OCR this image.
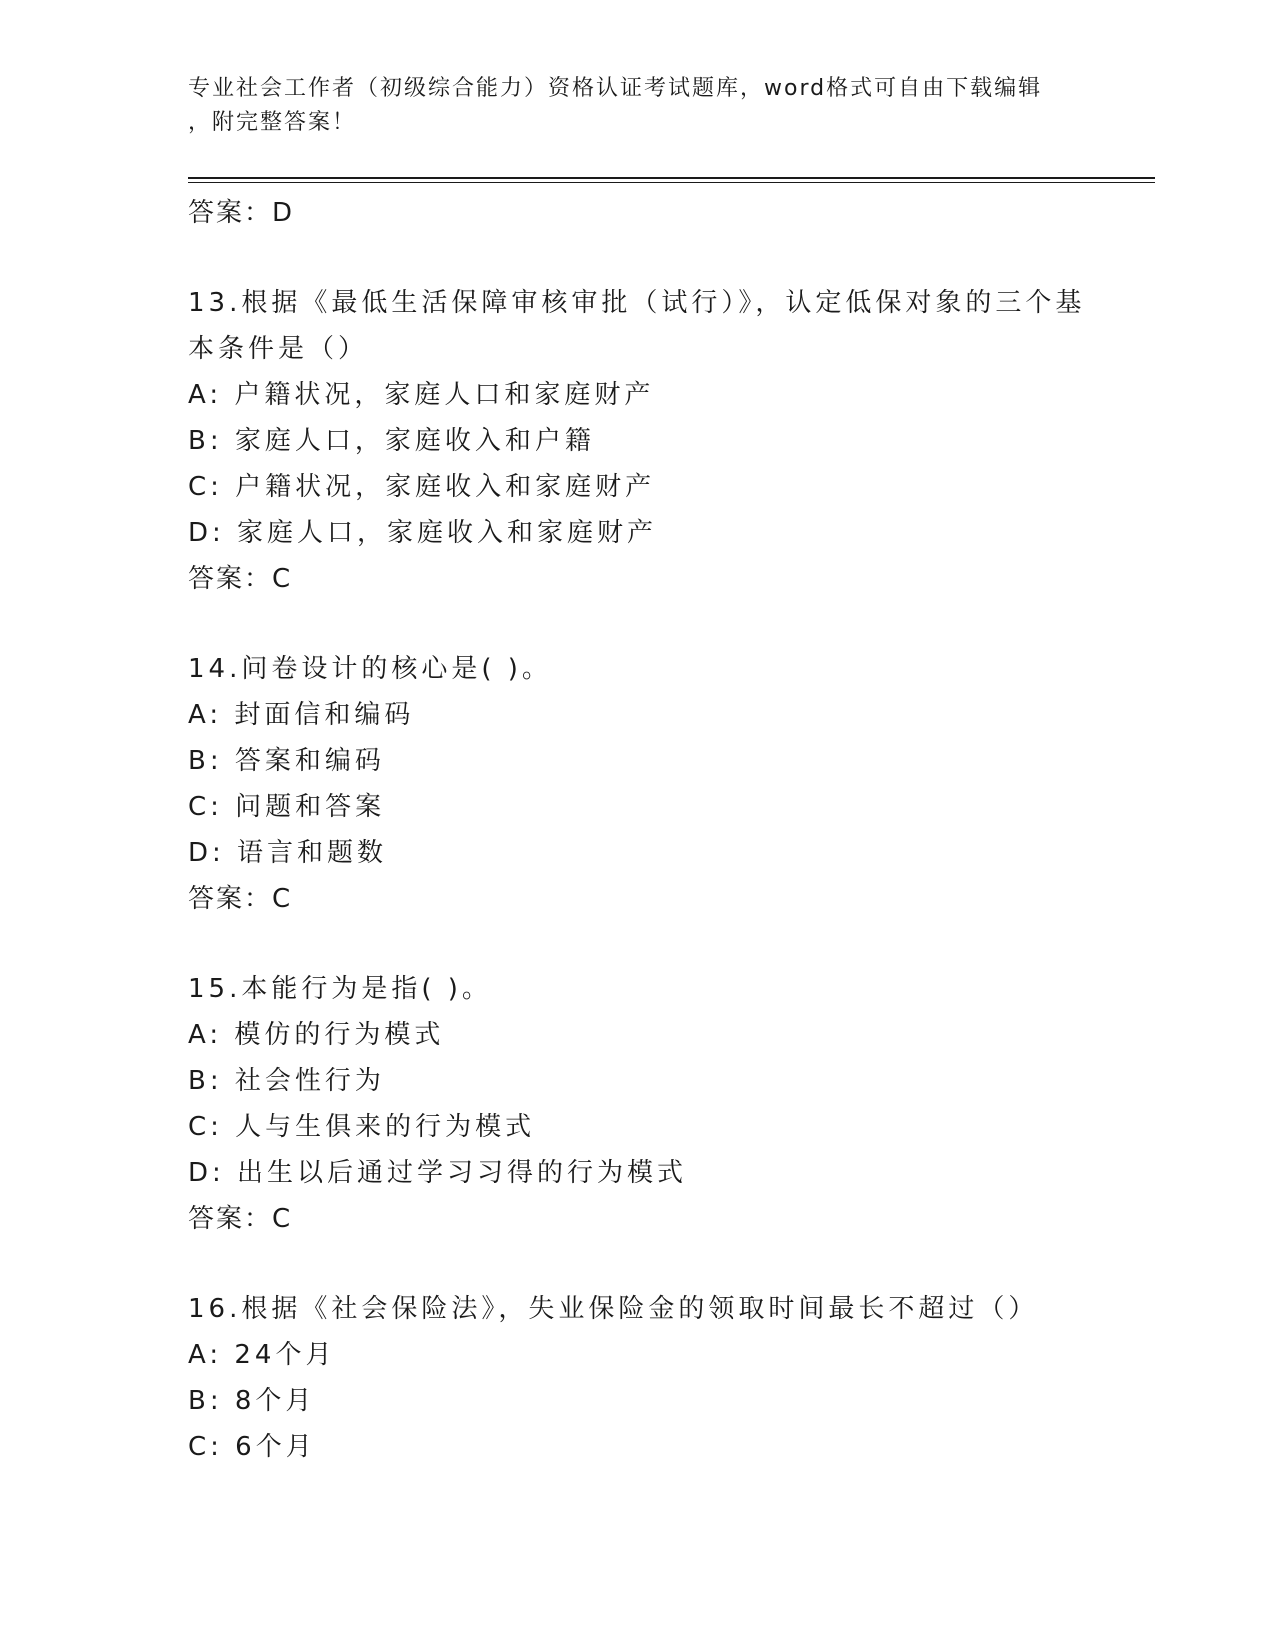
专业社会工作者（初级综合能力）资格认证考试题库，word格式可自由下载编辑
，附完整答案！
答案：D
13.根据《最低生活保障审核审批（试行）》，认定低保对象的三个基
本条件是（）
A: 户籍状况，家庭人口和家庭财产
B: 家庭人口，家庭收入和户籍
C: 户籍状况，家庭收入和家庭财产
D: 家庭人口，家庭收入和家庭财产
答案：C
14.问卷设计的核心是( )。
A: 封面信和编码
B: 答案和编码
C: 问题和答案
D: 语言和题数
答案：C
15.本能行为是指( )。
A: 模仿的行为模式
B: 社会性行为
C: 人与生俱来的行为模式
D: 出生以后通过学习习得的行为模式
答案：C
16.根据《社会保险法》，失业保险金的领取时间最长不超过（）
A: 24个月
B: 8个月
C: 6个月
